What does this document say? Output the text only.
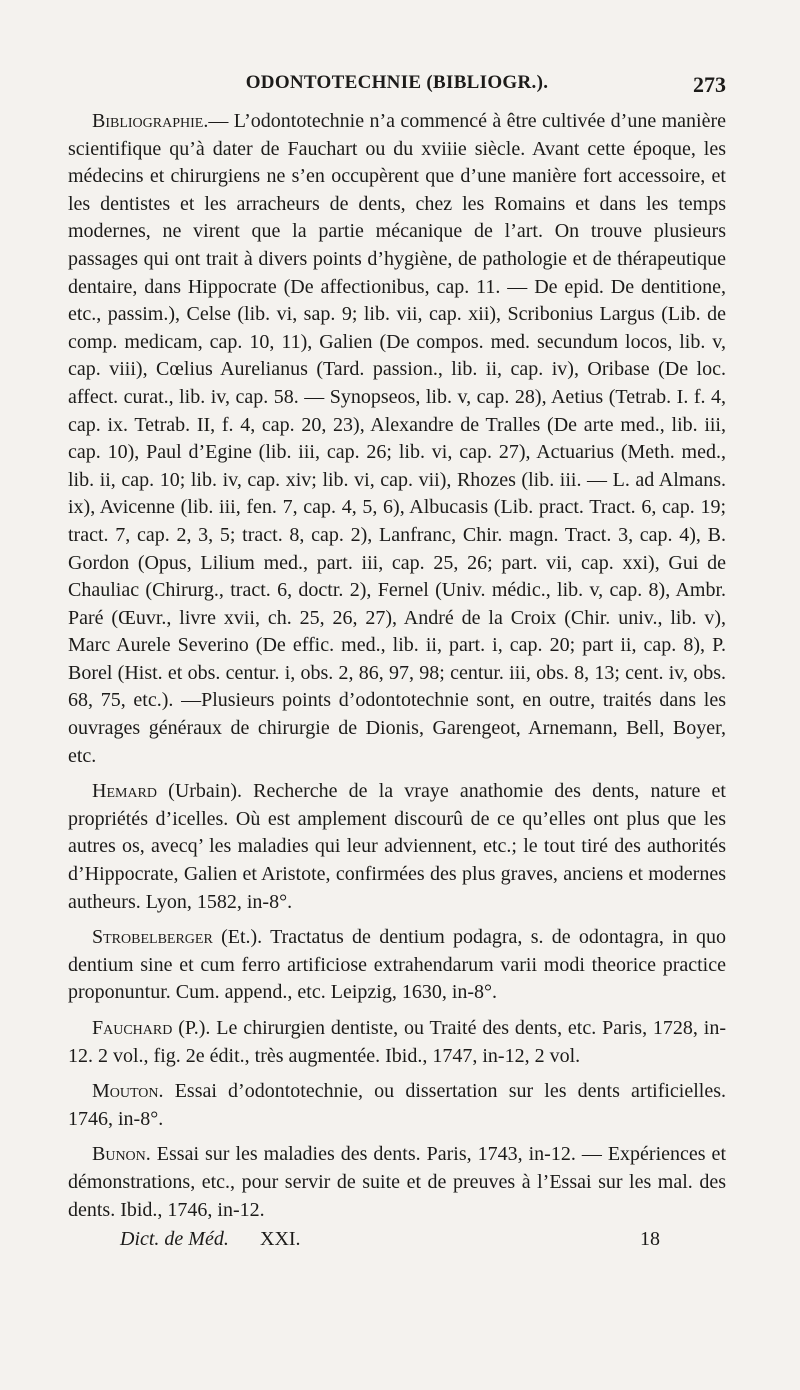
ODONTOTECHNIE (BIBLIOGR.).	273

Bibliographie.— L’odontotechnie n’a commencé à être cultivée d’une manière scientifique qu’à dater de Fauchart ou du xviiie siècle. Avant cette époque, les médecins et chirurgiens ne s’en occupèrent que d’une manière fort accessoire, et les dentistes et les arracheurs de dents, chez les Romains et dans les temps modernes, ne virent que la partie mécanique de l’art. On trouve plusieurs passages qui ont trait à divers points d’hygiène, de pathologie et de thérapeutique dentaire, dans Hippocrate (De affectionibus, cap. 11. — De epid. De dentitione, etc., passim.), Celse (lib. vi, sap. 9; lib. vii, cap. xii), Scribonius Largus (Lib. de comp. medicam, cap. 10, 11), Galien (De compos. med. secundum locos, lib. v, cap. viii), Cœlius Aurelianus (Tard. passion., lib. ii, cap. iv), Oribase (De loc. affect. curat., lib. iv, cap. 58. — Synopseos, lib. v, cap. 28), Aetius (Tetrab. I. f. 4, cap. ix. Tetrab. II, f. 4, cap. 20, 23), Alexandre de Tralles (De arte med., lib. iii, cap. 10), Paul d’Egine (lib. iii, cap. 26; lib. vi, cap. 27), Actuarius (Meth. med., lib. ii, cap. 10; lib. iv, cap. xiv; lib. vi, cap. vii), Rhozes (lib. iii. — L. ad Almans. ix), Avicenne (lib. iii, fen. 7, cap. 4, 5, 6), Albucasis (Lib. pract. Tract. 6, cap. 19; tract. 7, cap. 2, 3, 5; tract. 8, cap. 2), Lanfranc, Chir. magn. Tract. 3, cap. 4), B. Gordon (Opus, Lilium med., part. iii, cap. 25, 26; part. vii, cap. xxi), Gui de Chauliac (Chirurg., tract. 6, doctr. 2), Fernel (Univ. médic., lib. v, cap. 8), Ambr. Paré (Œuvr., livre xvii, ch. 25, 26, 27), André de la Croix (Chir. univ., lib. v), Marc Aurele Severino (De effic. med., lib. ii, part. i, cap. 20; part ii, cap. 8), P. Borel (Hist. et obs. centur. i, obs. 2, 86, 97, 98; centur. iii, obs. 8, 13; cent. iv, obs. 68, 75, etc.). —Plusieurs points d’odontotechnie sont, en outre, traités dans les ouvrages généraux de chirurgie de Dionis, Garengeot, Arnemann, Bell, Boyer, etc.

Hemard (Urbain). Recherche de la vraye anathomie des dents, nature et propriétés d’icelles. Où est amplement discourû de ce qu’elles ont plus que les autres os, avecq’ les maladies qui leur adviennent, etc.; le tout tiré des authorités d’Hippocrate, Galien et Aristote, confirmées des plus graves, anciens et modernes autheurs. Lyon, 1582, in-8°.

Strobelberger (Et.). Tractatus de dentium podagra, s. de odontagra, in quo dentium sine et cum ferro artificiose extrahendarum varii modi theorice practice proponuntur. Cum. append., etc. Leipzig, 1630, in-8°.

Fauchard (P.). Le chirurgien dentiste, ou Traité des dents, etc. Paris, 1728, in-12. 2 vol., fig. 2e édit., très augmentée. Ibid., 1747, in-12, 2 vol.

Mouton. Essai d’odontotechnie, ou dissertation sur les dents artificielles. 1746, in-8°.

Bunon. Essai sur les maladies des dents. Paris, 1743, in-12. — Expériences et démonstrations, etc., pour servir de suite et de preuves à l’Essai sur les mal. des dents. Ibid., 1746, in-12.

Dict. de Méd. XXI.	18
